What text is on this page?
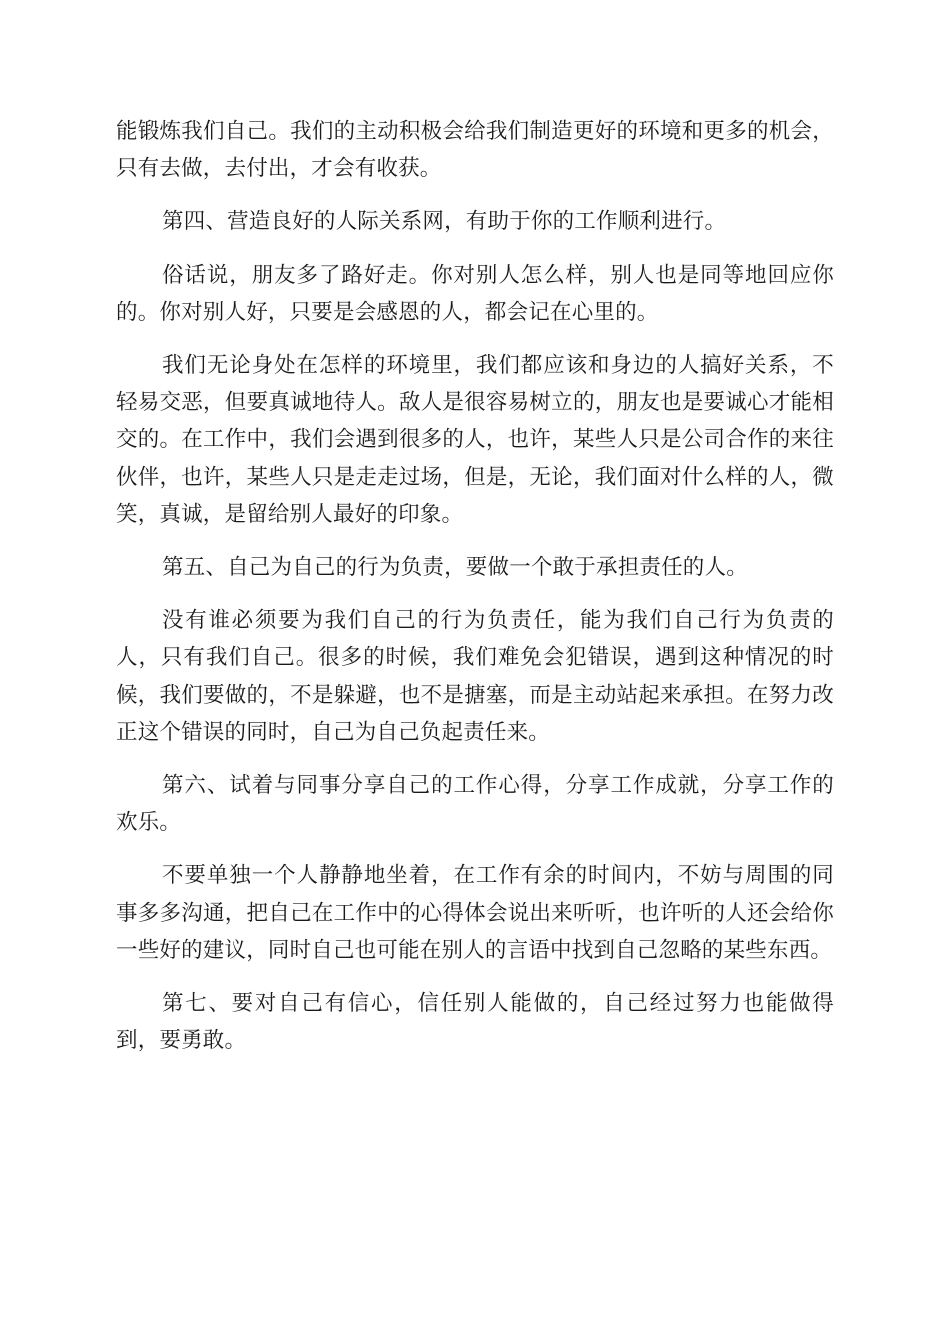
能锻炼我们自己。我们的主动积极会给我们制造更好的环境和更多的机会，只有去做，去付出，才会有收获。

第四、营造良好的人际关系网，有助于你的工作顺利进行。

俗话说，朋友多了路好走。你对别人怎么样，别人也是同等地回应你的。你对别人好，只要是会感恩的人，都会记在心里的。

我们无论身处在怎样的环境里，我们都应该和身边的人搞好关系，不轻易交恶，但要真诚地待人。敌人是很容易树立的，朋友也是要诚心才能相交的。在工作中，我们会遇到很多的人，也许，某些人只是公司合作的来往伙伴，也许，某些人只是走走过场，但是，无论，我们面对什么样的人，微笑，真诚，是留给别人最好的印象。

第五、自己为自己的行为负责，要做一个敢于承担责任的人。

没有谁必须要为我们自己的行为负责任，能为我们自己行为负责的人，只有我们自己。很多的时候，我们难免会犯错误，遇到这种情况的时候，我们要做的，不是躲避，也不是搪塞，而是主动站起来承担。在努力改正这个错误的同时，自己为自己负起责任来。

第六、试着与同事分享自己的工作心得，分享工作成就，分享工作的欢乐。

不要单独一个人静静地坐着，在工作有余的时间内，不妨与周围的同事多多沟通，把自己在工作中的心得体会说出来听听，也许听的人还会给你一些好的建议，同时自己也可能在别人的言语中找到自己忽略的某些东西。

第七、要对自己有信心，信任别人能做的，自己经过努力也能做得到，要勇敢。
